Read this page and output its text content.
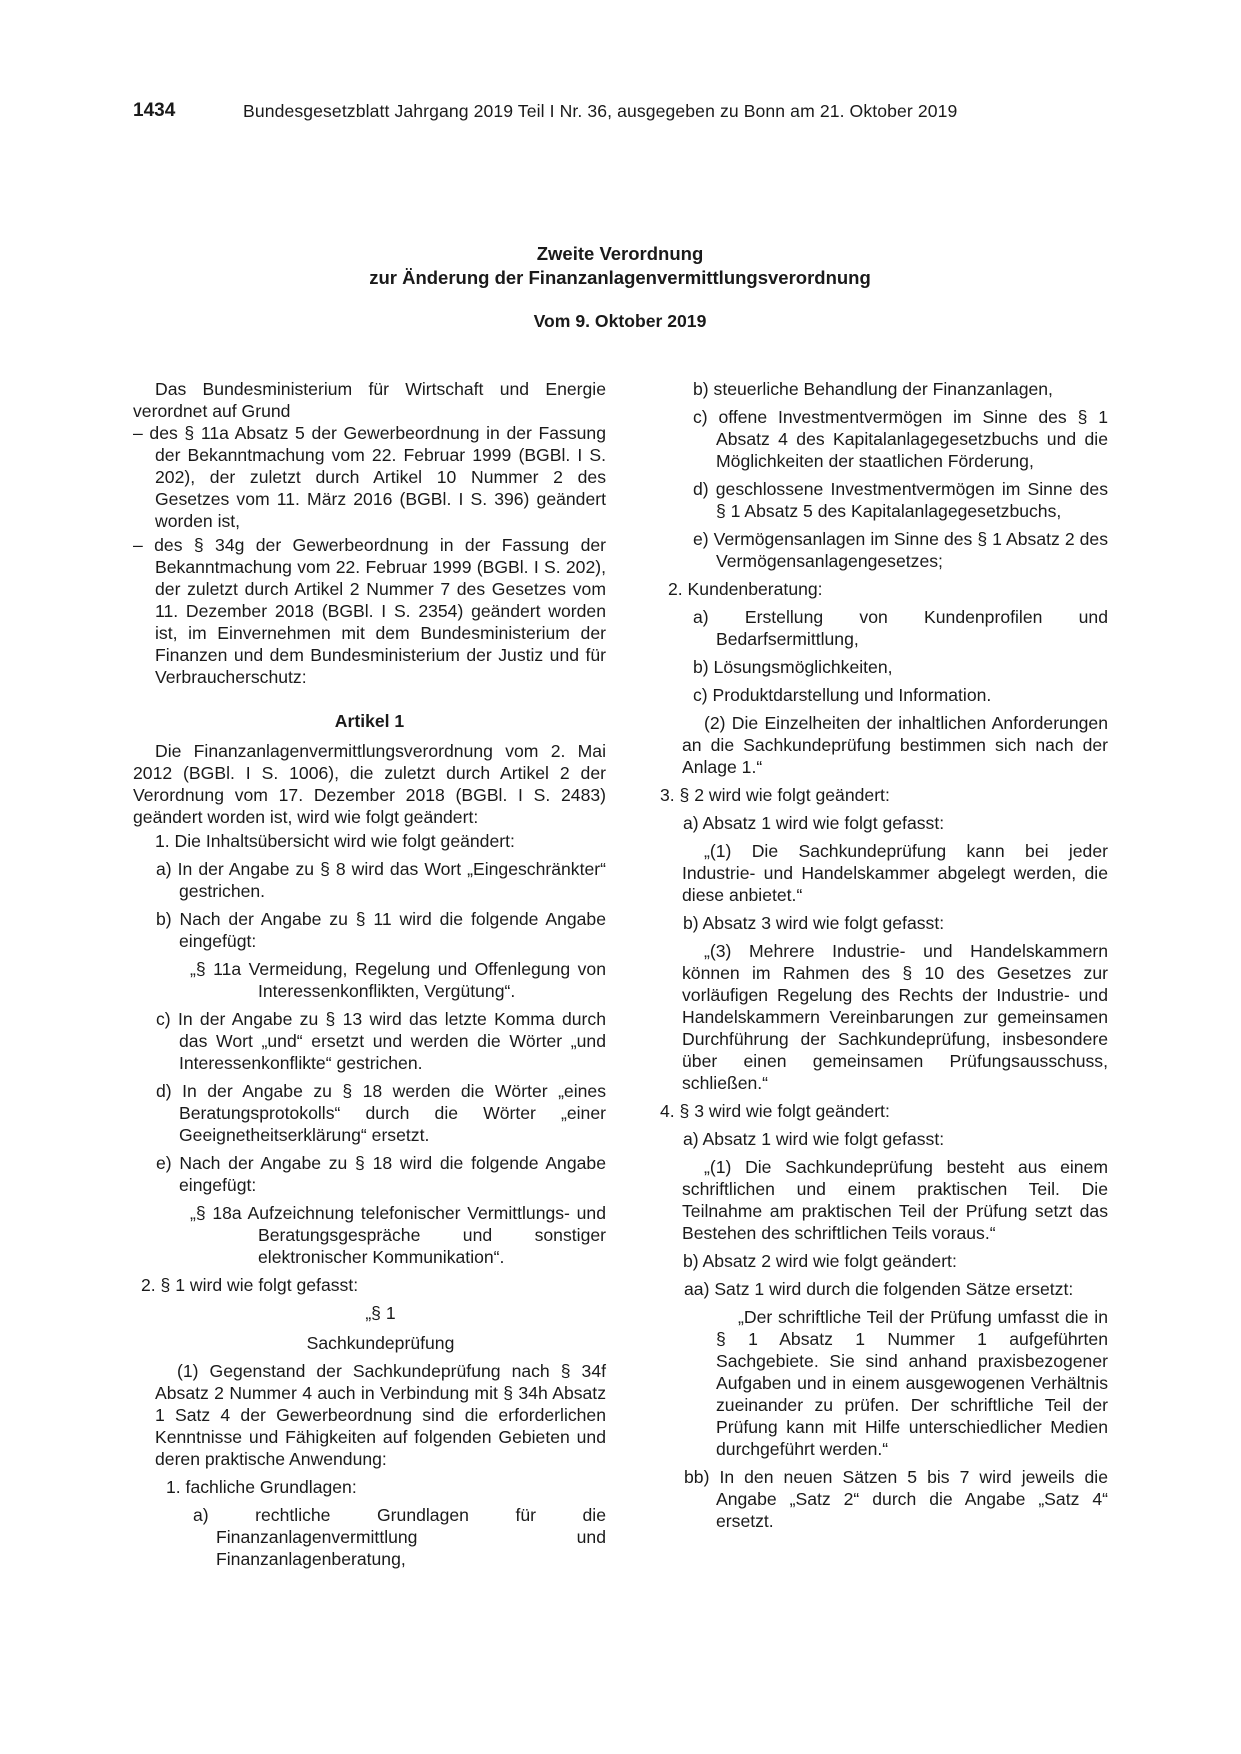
1434	Bundesgesetzblatt Jahrgang 2019 Teil I Nr. 36, ausgegeben zu Bonn am 21. Oktober 2019
Zweite Verordnung
zur Änderung der Finanzanlagenvermittlungsverordnung
Vom 9. Oktober 2019

Das Bundesministerium für Wirtschaft und Energie verordnet auf Grund

– des § 11a Absatz 5 der Gewerbeordnung in der Fassung der Bekanntmachung vom 22. Februar 1999 (BGBl. I S. 202), der zuletzt durch Artikel 10 Nummer 2 des Gesetzes vom 11. März 2016 (BGBl. I S. 396) geändert worden ist,

– des § 34g der Gewerbeordnung in der Fassung der Bekanntmachung vom 22. Februar 1999 (BGBl. I S. 202), der zuletzt durch Artikel 2 Nummer 7 des Gesetzes vom 11. Dezember 2018 (BGBl. I S. 2354) geändert worden ist, im Einvernehmen mit dem Bundesministerium der Finanzen und dem Bundesministerium der Justiz und für Verbraucherschutz:

Artikel 1

Die Finanzanlagenvermittlungsverordnung vom 2. Mai 2012 (BGBl. I S. 1006), die zuletzt durch Artikel 2 der Verordnung vom 17. Dezember 2018 (BGBl. I S. 2483) geändert worden ist, wird wie folgt geändert:

1. Die Inhaltsübersicht wird wie folgt geändert:

a) In der Angabe zu § 8 wird das Wort „Eingeschränkter“ gestrichen.

b) Nach der Angabe zu § 11 wird die folgende Angabe eingefügt:

„§ 11a Vermeidung, Regelung und Offenlegung von Interessenkonflikten, Vergütung“.

c) In der Angabe zu § 13 wird das letzte Komma durch das Wort „und“ ersetzt und werden die Wörter „und Interessenkonflikte“ gestrichen.

d) In der Angabe zu § 18 werden die Wörter „eines Beratungsprotokolls“ durch die Wörter „einer Geeignetheitserklärung“ ersetzt.

e) Nach der Angabe zu § 18 wird die folgende Angabe eingefügt:

„§ 18a Aufzeichnung telefonischer Vermittlungs- und Beratungsgespräche und sonstiger elektronischer Kommunikation“.

2. § 1 wird wie folgt gefasst:

„§ 1
Sachkundeprüfung

(1) Gegenstand der Sachkundeprüfung nach § 34f Absatz 2 Nummer 4 auch in Verbindung mit § 34h Absatz 1 Satz 4 der Gewerbeordnung sind die erforderlichen Kenntnisse und Fähigkeiten auf folgenden Gebieten und deren praktische Anwendung:

1. fachliche Grundlagen:

a) rechtliche Grundlagen für die Finanzanlagenvermittlung und Finanzanlagenberatung,

b) steuerliche Behandlung der Finanzanlagen,

c) offene Investmentvermögen im Sinne des § 1 Absatz 4 des Kapitalanlagegesetzbuchs und die Möglichkeiten der staatlichen Förderung,

d) geschlossene Investmentvermögen im Sinne des § 1 Absatz 5 des Kapitalanlagegesetzbuchs,

e) Vermögensanlagen im Sinne des § 1 Absatz 2 des Vermögensanlagengesetzes;

2. Kundenberatung:

a) Erstellung von Kundenprofilen und Bedarfsermittlung,

b) Lösungsmöglichkeiten,

c) Produktdarstellung und Information.

(2) Die Einzelheiten der inhaltlichen Anforderungen an die Sachkundeprüfung bestimmen sich nach der Anlage 1.“

3. § 2 wird wie folgt geändert:

a) Absatz 1 wird wie folgt gefasst:

„(1) Die Sachkundeprüfung kann bei jeder Industrie- und Handelskammer abgelegt werden, die diese anbietet.“

b) Absatz 3 wird wie folgt gefasst:

„(3) Mehrere Industrie- und Handelskammern können im Rahmen des § 10 des Gesetzes zur vorläufigen Regelung des Rechts der Industrie- und Handelskammern Vereinbarungen zur gemeinsamen Durchführung der Sachkundeprüfung, insbesondere über einen gemeinsamen Prüfungsausschuss, schließen.“

4. § 3 wird wie folgt geändert:

a) Absatz 1 wird wie folgt gefasst:

„(1) Die Sachkundeprüfung besteht aus einem schriftlichen und einem praktischen Teil. Die Teilnahme am praktischen Teil der Prüfung setzt das Bestehen des schriftlichen Teils voraus.“

b) Absatz 2 wird wie folgt geändert:

aa) Satz 1 wird durch die folgenden Sätze ersetzt:

„Der schriftliche Teil der Prüfung umfasst die in § 1 Absatz 1 Nummer 1 aufgeführten Sachgebiete. Sie sind anhand praxisbezogener Aufgaben und in einem ausgewogenen Verhältnis zueinander zu prüfen. Der schriftliche Teil der Prüfung kann mit Hilfe unterschiedlicher Medien durchgeführt werden.“

bb) In den neuen Sätzen 5 bis 7 wird jeweils die Angabe „Satz 2“ durch die Angabe „Satz 4“ ersetzt.
